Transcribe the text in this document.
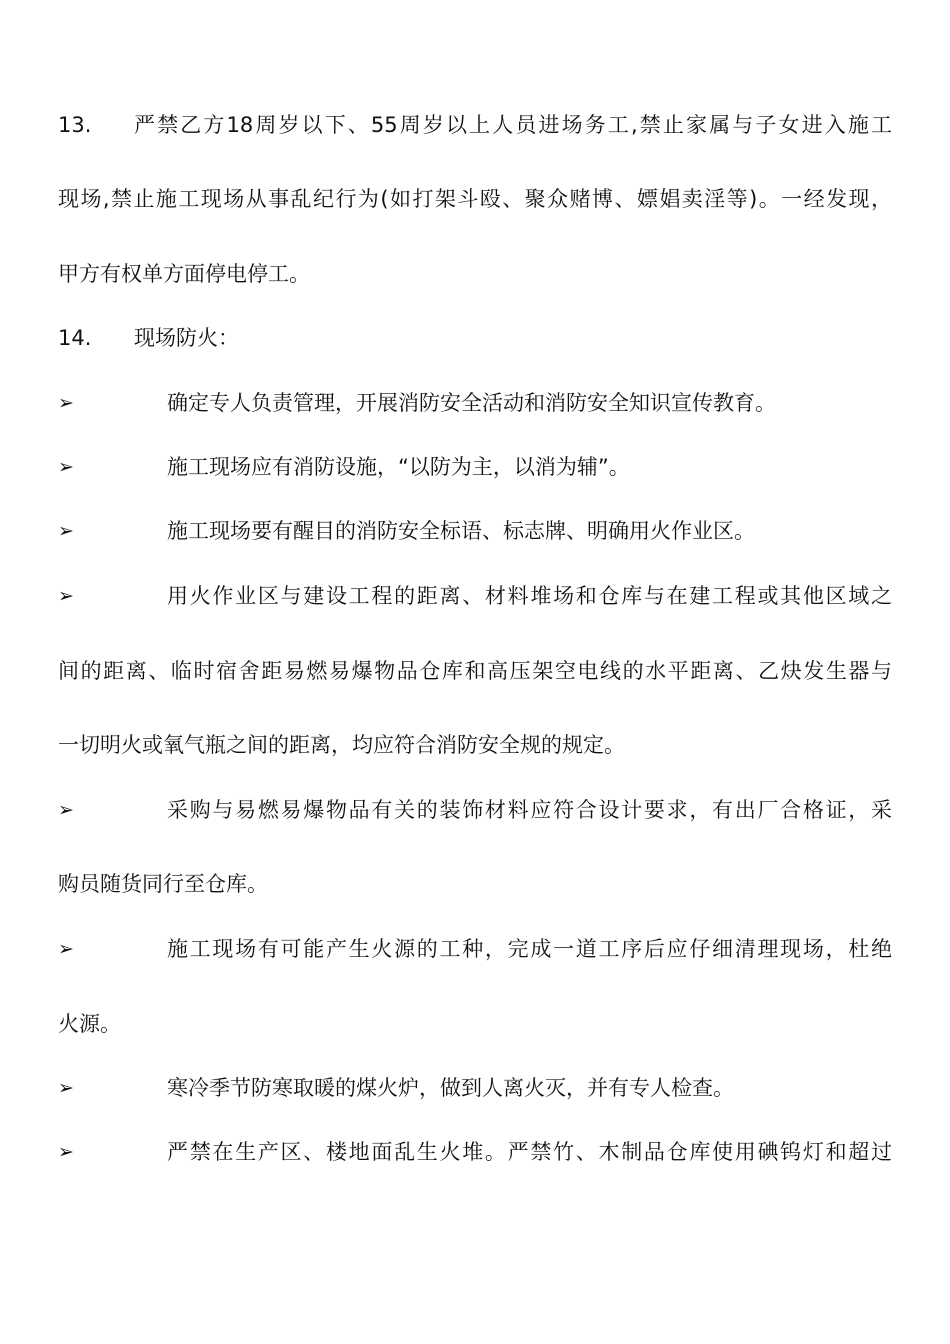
13. 严禁乙方18周岁以下、55周岁以上人员进场务工,禁止家属与子女进入施工
现场,禁止施工现场从事乱纪行为(如打架斗殴、聚众赌博、嫖娼卖淫等)。一经发现，
甲方有权单方面停电停工。
14. 现场防火：
➢	确定专人负责管理，开展消防安全活动和消防安全知识宣传教育。
➢	施工现场应有消防设施，“以防为主，以消为辅”。
➢	施工现场要有醒目的消防安全标语、标志牌、明确用火作业区。
➢	用火作业区与建设工程的距离、材料堆场和仓库与在建工程或其他区域之
间的距离、临时宿舍距易燃易爆物品仓库和高压架空电线的水平距离、乙炔发生器与
一切明火或氧气瓶之间的距离，均应符合消防安全规的规定。
➢	采购与易燃易爆物品有关的装饰材料应符合设计要求，有出厂合格证，采
购员随货同行至仓库。
➢	施工现场有可能产生火源的工种，完成一道工序后应仔细清理现场，杜绝
火源。
➢	寒冷季节防寒取暖的煤火炉，做到人离火灭，并有专人检查。
➢	严禁在生产区、楼地面乱生火堆。严禁竹、木制品仓库使用碘钨灯和超过
